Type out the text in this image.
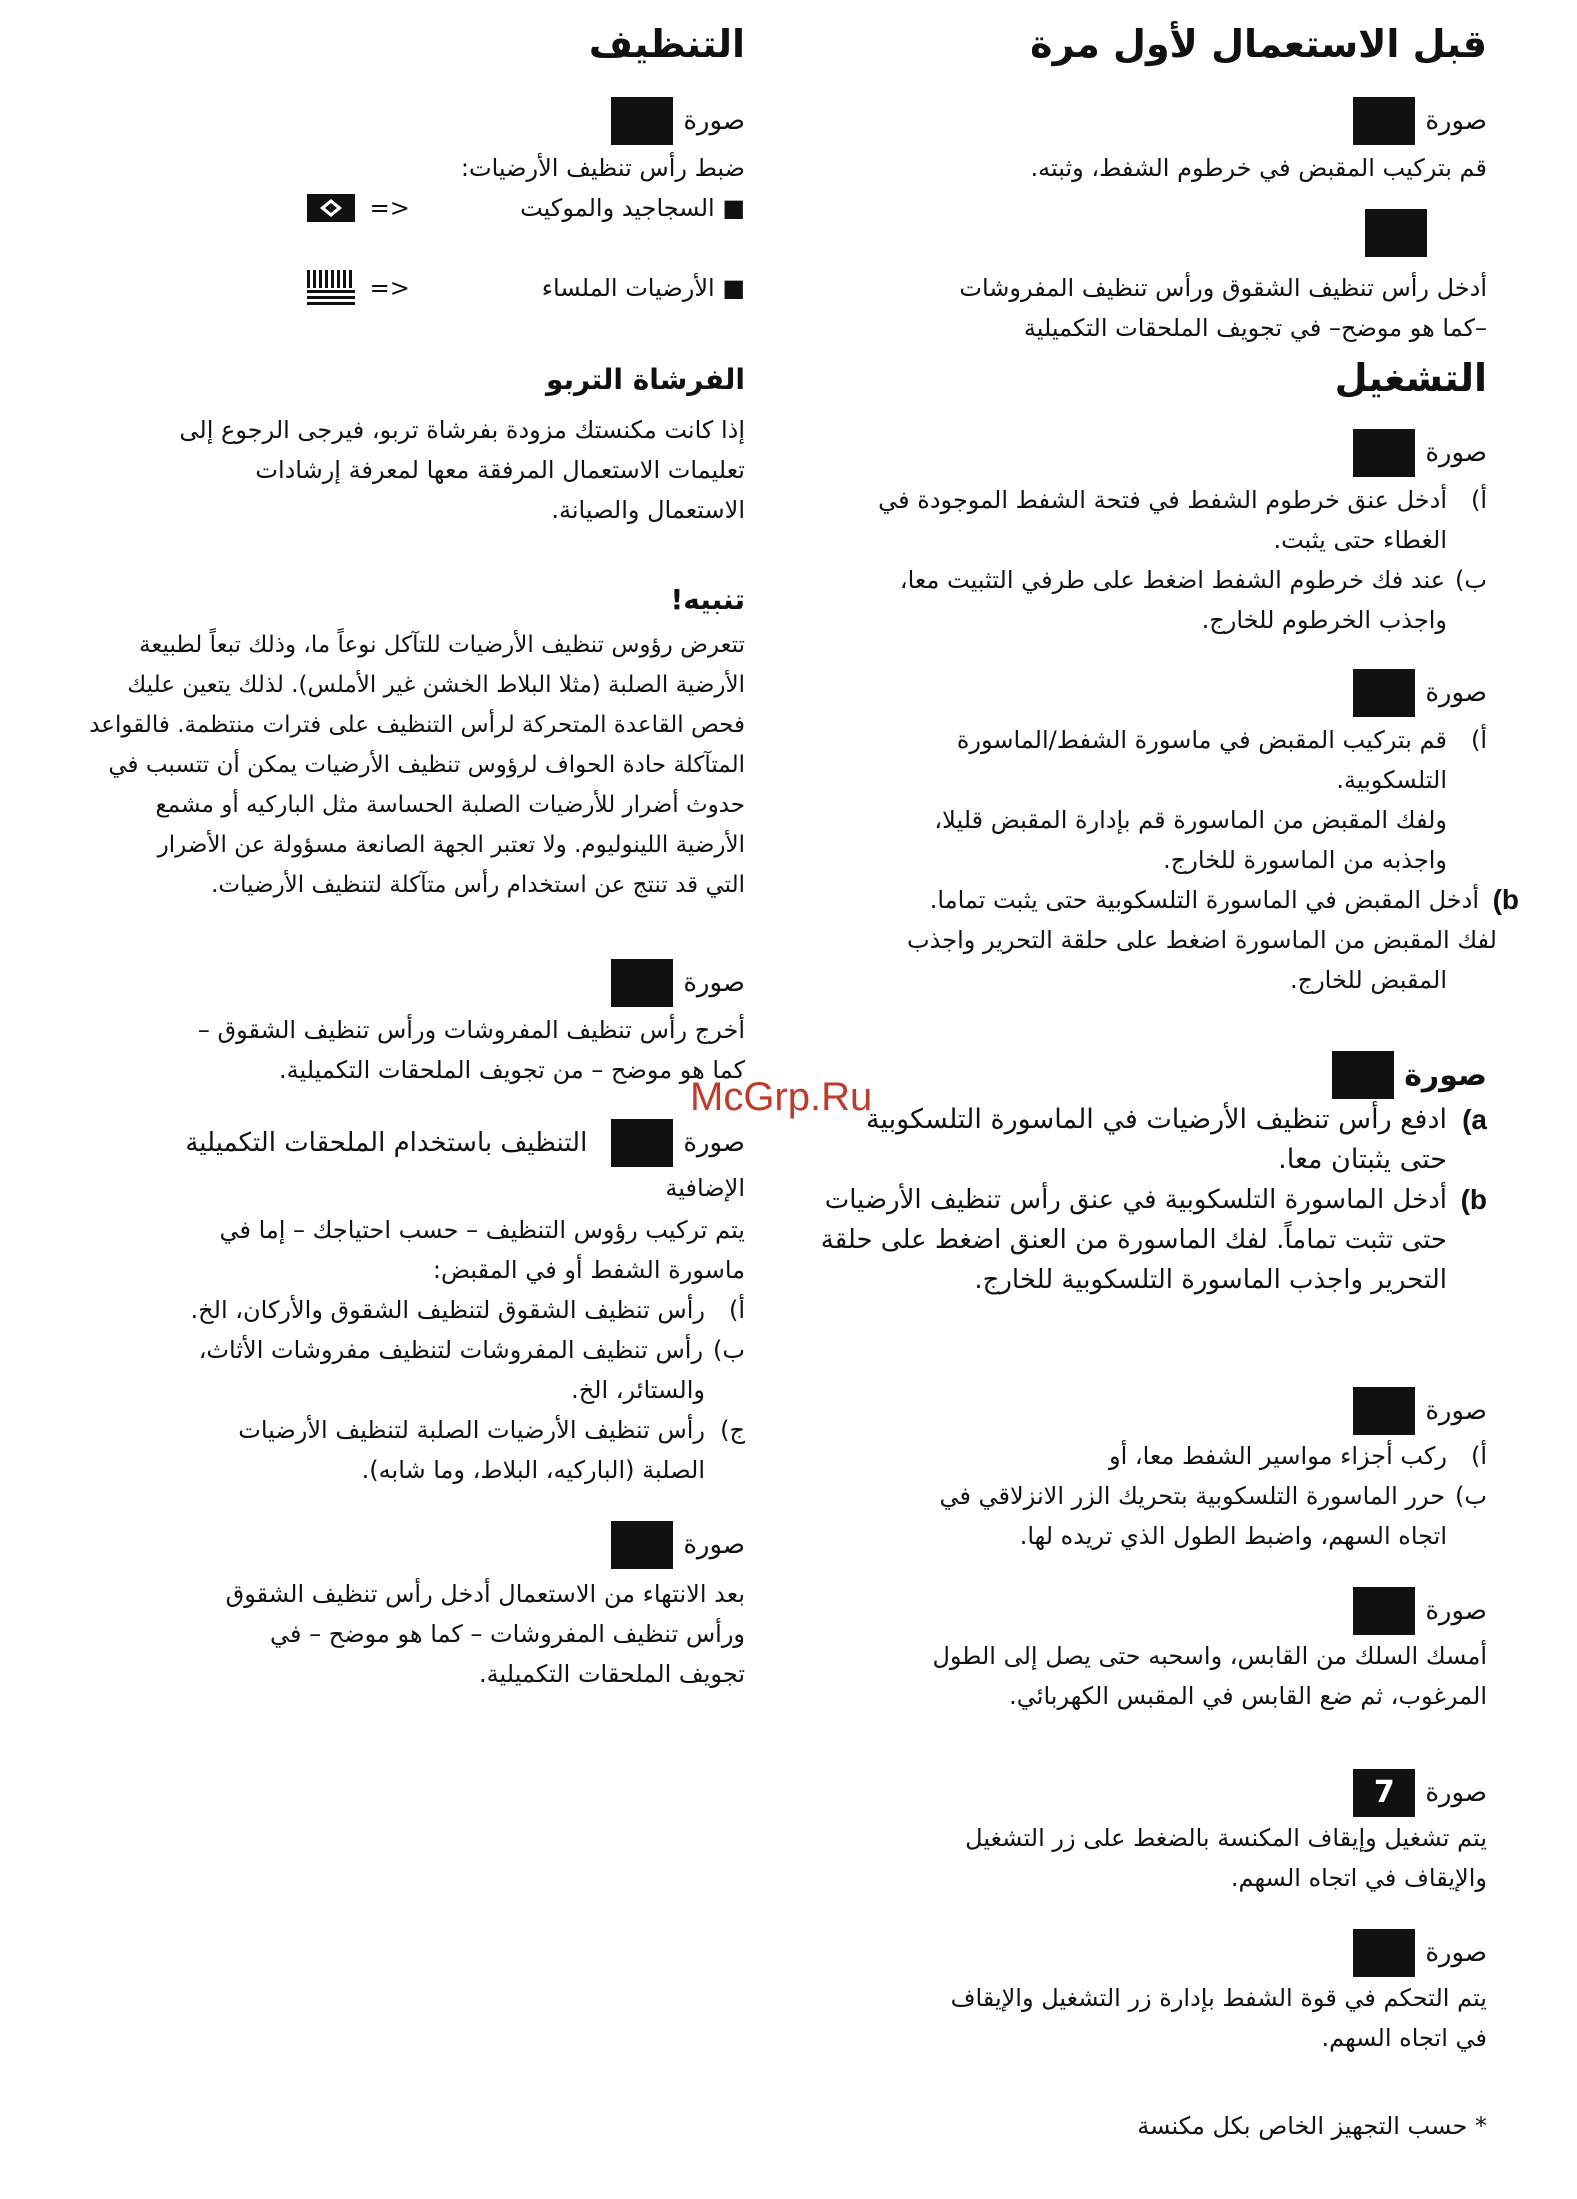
قبل الاستعمال لأول مرة
صورة

قم بتركيب المقبض في خرطوم الشفط، وثبته.

أدخل رأس تنظيف الشقوق ورأس تنظيف المفروشات

–كما هو موضح– في تجويف الملحقات التكميلية

التشغيل
صورة
أ)
أدخل عنق خرطوم الشفط في فتحة الشفط الموجودة في
الغطاء حتى يثبت.
ب)
عند فك خرطوم الشفط اضغط على طرفي التثبيت معا،
واجذب الخرطوم للخارج.
صورة
أ)
قم بتركيب المقبض في ماسورة الشفط/الماسورة
التلسكوبية.
ولفك المقبض من الماسورة قم بإدارة المقبض قليلا،
واجذبه من الماسورة للخارج.
b)
أدخل المقبض في الماسورة التلسكوبية حتى يثبت تماما.
لفك المقبض من الماسورة اضغط على حلقة التحرير واجذب
المقبض للخارج.
صورة
a)
ادفع رأس تنظيف الأرضيات في الماسورة التلسكوبية
حتى يثبتان معا.
b)
أدخل الماسورة التلسكوبية في عنق رأس تنظيف الأرضيات
حتى تثبت تماماً. لفك الماسورة من العنق اضغط على حلقة
التحرير واجذب الماسورة التلسكوبية للخارج.
صورة
أ)
ركب أجزاء مواسير الشفط معا، أو
ب)
حرر الماسورة التلسكوبية بتحريك الزر الانزلاقي في
اتجاه السهم، واضبط الطول الذي تريده لها.
صورة

أمسك السلك من القابس، واسحبه حتى يصل إلى الطول

المرغوب، ثم ضع القابس في المقبس الكهربائي.

صورة
7

يتم تشغيل وإيقاف المكنسة بالضغط على زر التشغيل

والإيقاف في اتجاه السهم.

صورة

يتم التحكم في قوة الشفط بإدارة زر التشغيل والإيقاف

في اتجاه السهم.

التنظيف
صورة

ضبط رأس تنظيف الأرضيات:

■
السجاجيد والموكيت
<=
■
الأرضيات الملساء
<=
الفرشاة التربو

إذا كانت مكنستك مزودة بفرشاة تربو، فيرجى الرجوع إلى

تعليمات الاستعمال المرفقة معها لمعرفة إرشادات

الاستعمال والصيانة.

تنبيه!

تتعرض رؤوس تنظيف الأرضيات للتآكل نوعاً ما، وذلك تبعاً لطبيعة

الأرضية الصلبة (مثلا البلاط الخشن غير الأملس). لذلك يتعين عليك

فحص القاعدة المتحركة لرأس التنظيف على فترات منتظمة. فالقواعد

المتآكلة حادة الحواف لرؤوس تنظيف الأرضيات يمكن أن تتسبب في

حدوث أضرار للأرضيات الصلبة الحساسة مثل الباركيه أو مشمع

الأرضية اللينوليوم. ولا تعتبر الجهة الصانعة مسؤولة عن الأضرار

التي قد تنتج عن استخدام رأس متآكلة لتنظيف الأرضيات.

صورة

أخرج رأس تنظيف المفروشات ورأس تنظيف الشقوق –

كما هو موضح – من تجويف الملحقات التكميلية.

صورة
التنظيف باستخدام الملحقات التكميلية

الإضافية

يتم تركيب رؤوس التنظيف – حسب احتياجك – إما في

ماسورة الشفط أو في المقبض:

أ)
رأس تنظيف الشقوق لتنظيف الشقوق والأركان، الخ.
ب)
رأس تنظيف المفروشات لتنظيف مفروشات الأثاث،
والستائر، الخ.
ج)
رأس تنظيف الأرضيات الصلبة لتنظيف الأرضيات
الصلبة (الباركيه، البلاط، وما شابه).
صورة

بعد الانتهاء من الاستعمال أدخل رأس تنظيف الشقوق

ورأس تنظيف المفروشات – كما هو موضح – في

تجويف الملحقات التكميلية.

McGrp.Ru
* حسب التجهيز الخاص بكل مكنسة
